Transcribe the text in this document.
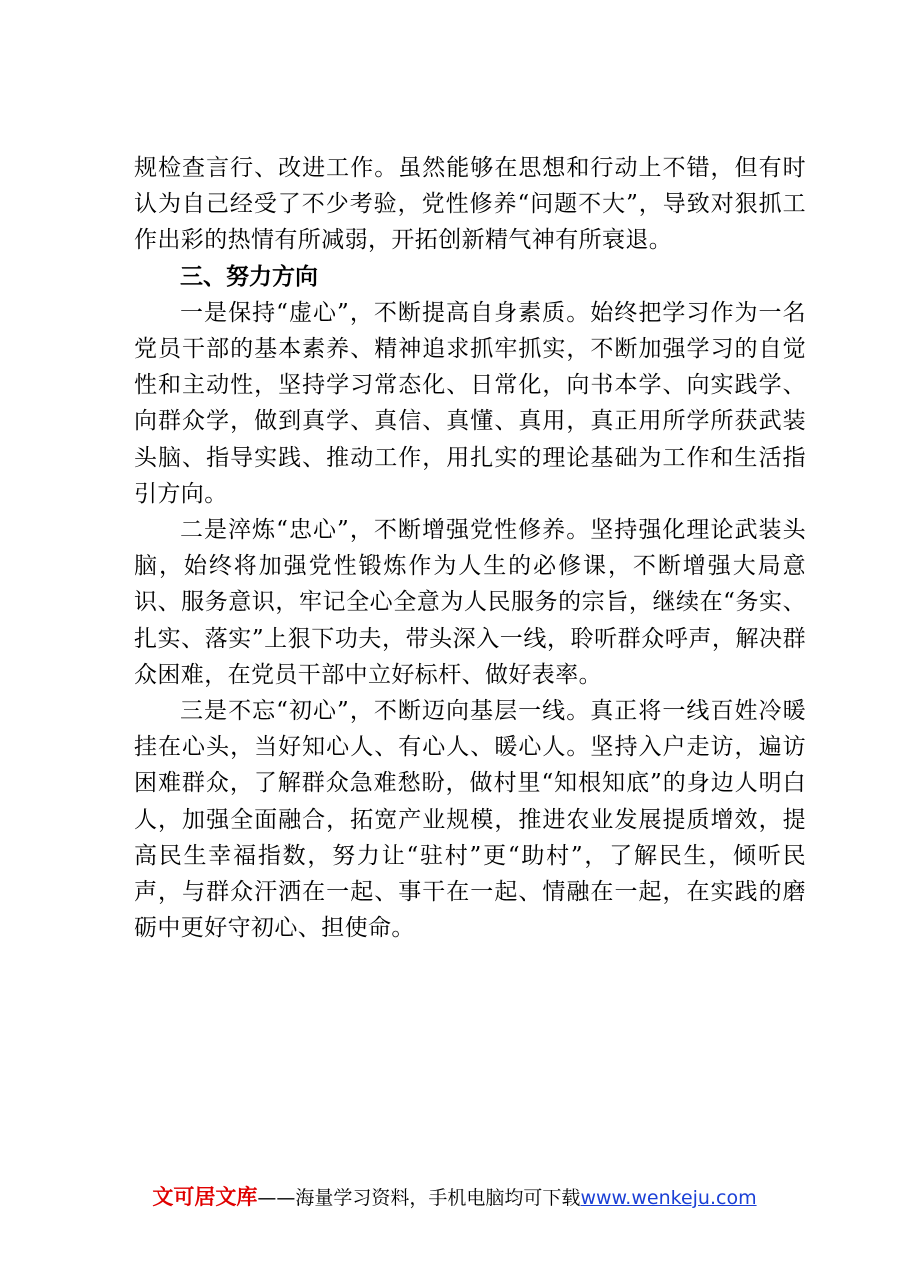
规检查言行、改进工作。虽然能够在思想和行动上不错，但有时认为自己经受了不少考验，党性修养“问题不大”，导致对狠抓工作出彩的热情有所减弱，开拓创新精气神有所衰退。

三、努力方向

一是保持“虚心”，不断提高自身素质。始终把学习作为一名党员干部的基本素养、精神追求抓牢抓实，不断加强学习的自觉性和主动性，坚持学习常态化、日常化，向书本学、向实践学、向群众学，做到真学、真信、真懂、真用，真正用所学所获武装头脑、指导实践、推动工作，用扎实的理论基础为工作和生活指引方向。

二是淬炼“忠心”，不断增强党性修养。坚持强化理论武装头脑，始终将加强党性锻炼作为人生的必修课，不断增强大局意识、服务意识，牢记全心全意为人民服务的宗旨，继续在“务实、扎实、落实”上狠下功夫，带头深入一线，聆听群众呼声，解决群众困难，在党员干部中立好标杆、做好表率。

三是不忘“初心”，不断迈向基层一线。真正将一线百姓冷暖挂在心头，当好知心人、有心人、暖心人。坚持入户走访，遍访困难群众，了解群众急难愁盼，做村里“知根知底”的身边人明白人，加强全面融合，拓宽产业规模，推进农业发展提质增效，提高民生幸福指数，努力让“驻村”更“助村”，了解民生，倾听民声，与群众汗洒在一起、事干在一起、情融在一起，在实践的磨砺中更好守初心、担使命。

文可居文库——海量学习资料，手机电脑均可下载www.wenkeju.com
